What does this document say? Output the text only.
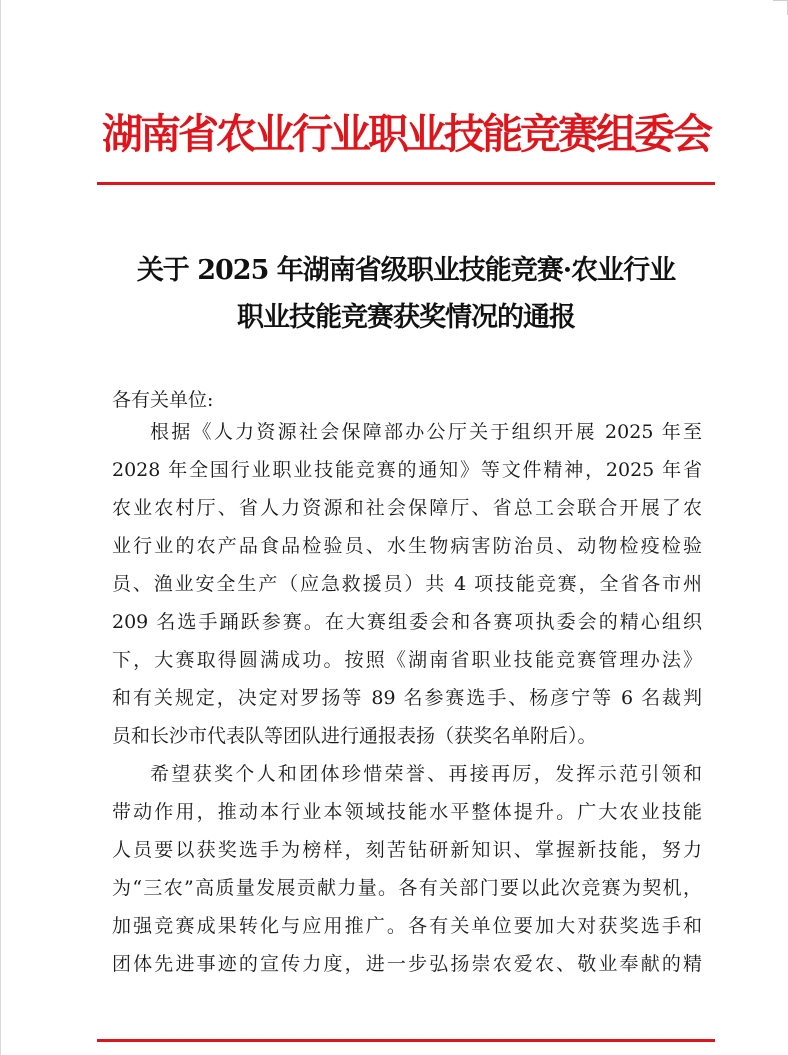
湖南省农业行业职业技能竞赛组委会
关于 2025 年湖南省级职业技能竞赛·农业行业
职业技能竞赛获奖情况的通报
各有关单位:
根据《人力资源社会保障部办公厅关于组织开展 2025 年至
2028 年全国行业职业技能竞赛的通知》等文件精神，2025 年省
农业农村厅、省人力资源和社会保障厅、省总工会联合开展了农
业行业的农产品食品检验员、水生物病害防治员、动物检疫检验
员、渔业安全生产（应急救援员）共 4 项技能竞赛，全省各市州
209 名选手踊跃参赛。在大赛组委会和各赛项执委会的精心组织
下，大赛取得圆满成功。按照《湖南省职业技能竞赛管理办法》
和有关规定，决定对罗扬等 89 名参赛选手、杨彦宁等 6 名裁判
员和长沙市代表队等团队进行通报表扬（获奖名单附后）。
希望获奖个人和团体珍惜荣誉、再接再厉，发挥示范引领和
带动作用，推动本行业本领域技能水平整体提升。广大农业技能
人员要以获奖选手为榜样，刻苦钻研新知识、掌握新技能，努力
为“三农”高质量发展贡献力量。各有关部门要以此次竞赛为契机，
加强竞赛成果转化与应用推广。各有关单位要加大对获奖选手和
团体先进事迹的宣传力度，进一步弘扬崇农爱农、敬业奉献的精
